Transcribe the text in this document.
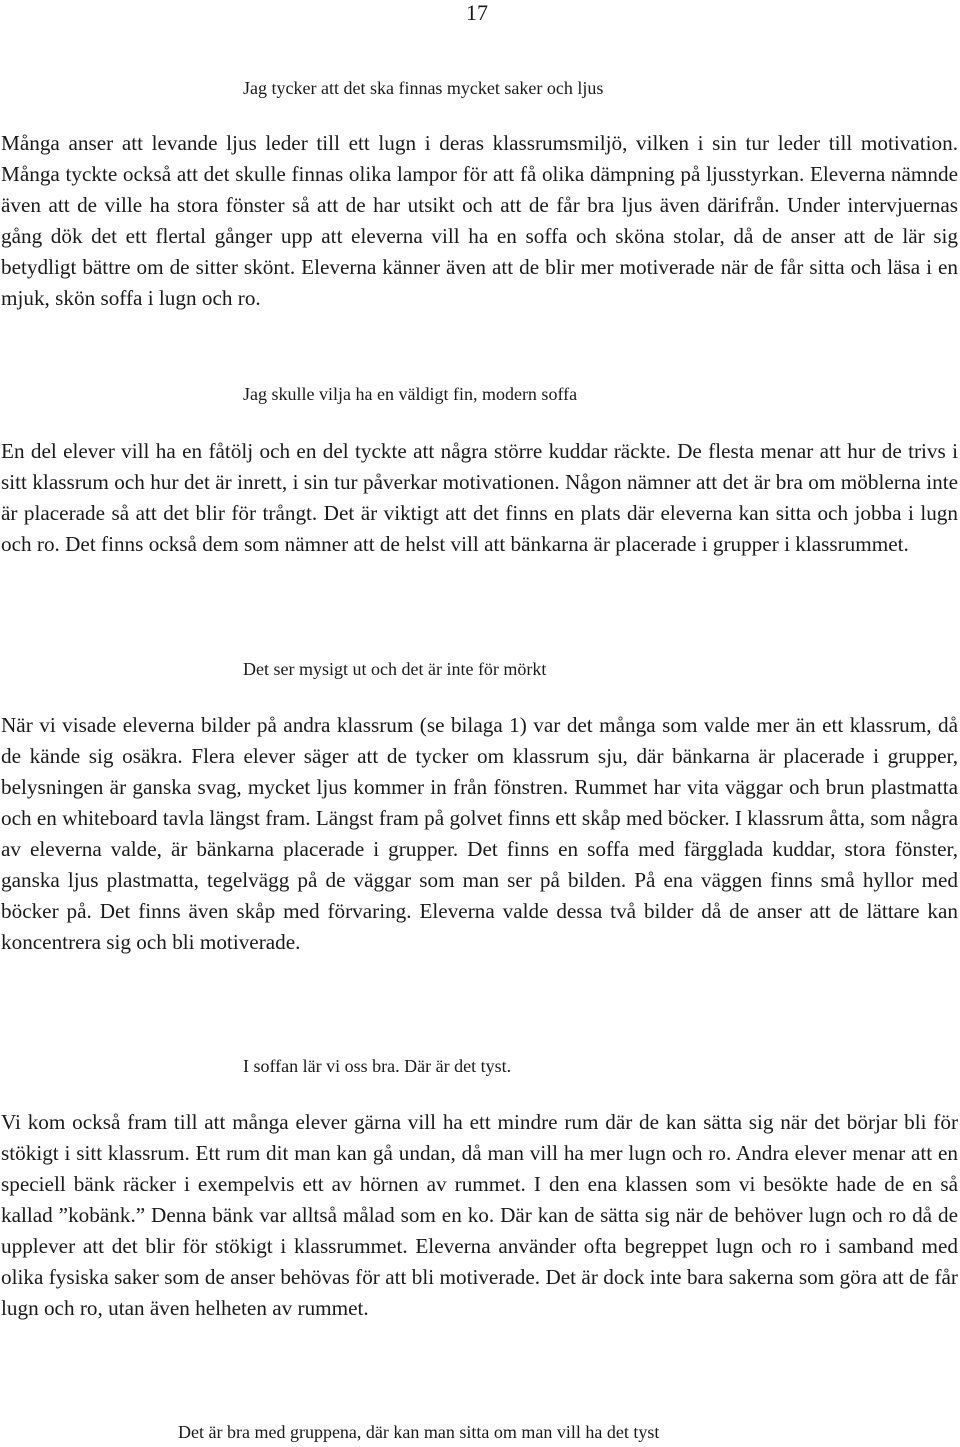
17
Jag tycker att det ska finnas mycket saker och ljus
Många anser att levande ljus leder till ett lugn i deras klassrumsmiljö, vilken i sin tur leder till motivation. Många tyckte också att det skulle finnas olika lampor för att få olika dämpning på ljusstyrkan. Eleverna nämnde även att de ville ha stora fönster så att de har utsikt och att de får bra ljus även därifrån. Under intervjuernas gång dök det ett flertal gånger upp att eleverna vill ha en soffa och sköna stolar, då de anser att de lär sig betydligt bättre om de sitter skönt. Eleverna känner även att de blir mer motiverade när de får sitta och läsa i en mjuk, skön soffa i lugn och ro.
Jag skulle vilja ha en väldigt fin, modern soffa
En del elever vill ha en fåtölj och en del tyckte att några större kuddar räckte. De flesta menar att hur de trivs i sitt klassrum och hur det är inrett, i sin tur påverkar motivationen. Någon nämner att det är bra om möblerna inte är placerade så att det blir för trångt. Det är viktigt att det finns en plats där eleverna kan sitta och jobba i lugn och ro. Det finns också dem som nämner att de helst vill att bänkarna är placerade i grupper i klassrummet.
Det ser mysigt ut och det är inte för mörkt
När vi visade eleverna bilder på andra klassrum (se bilaga 1) var det många som valde mer än ett klassrum, då de kände sig osäkra. Flera elever säger att de tycker om klassrum sju, där bänkarna är placerade i grupper, belysningen är ganska svag, mycket ljus kommer in från fönstren. Rummet har vita väggar och brun plastmatta och en whiteboard tavla längst fram. Längst fram på golvet finns ett skåp med böcker. I klassrum åtta, som några av eleverna valde, är bänkarna placerade i grupper. Det finns en soffa med färgglada kuddar, stora fönster, ganska ljus plastmatta, tegelvägg på de väggar som man ser på bilden. På ena väggen finns små hyllor med böcker på. Det finns även skåp med förvaring. Eleverna valde dessa två bilder då de anser att de lättare kan koncentrera sig och bli motiverade.
I soffan lär vi oss bra. Där är det tyst.
Vi kom också fram till att många elever gärna vill ha ett mindre rum där de kan sätta sig när det börjar bli för stökigt i sitt klassrum. Ett rum dit man kan gå undan, då man vill ha mer lugn och ro. Andra elever menar att en speciell bänk räcker i exempelvis ett av hörnen av rummet. I den ena klassen som vi besökte hade de en så kallad ”kobänk.” Denna bänk var alltså målad som en ko. Där kan de sätta sig när de behöver lugn och ro då de upplever att det blir för stökigt i klassrummet. Eleverna använder ofta begreppet lugn och ro i samband med olika fysiska saker som de anser behövas för att bli motiverade. Det är dock inte bara sakerna som göra att de får lugn och ro, utan även helheten av rummet.
Det är bra med gruppena, där kan man sitta om man vill ha det tyst
